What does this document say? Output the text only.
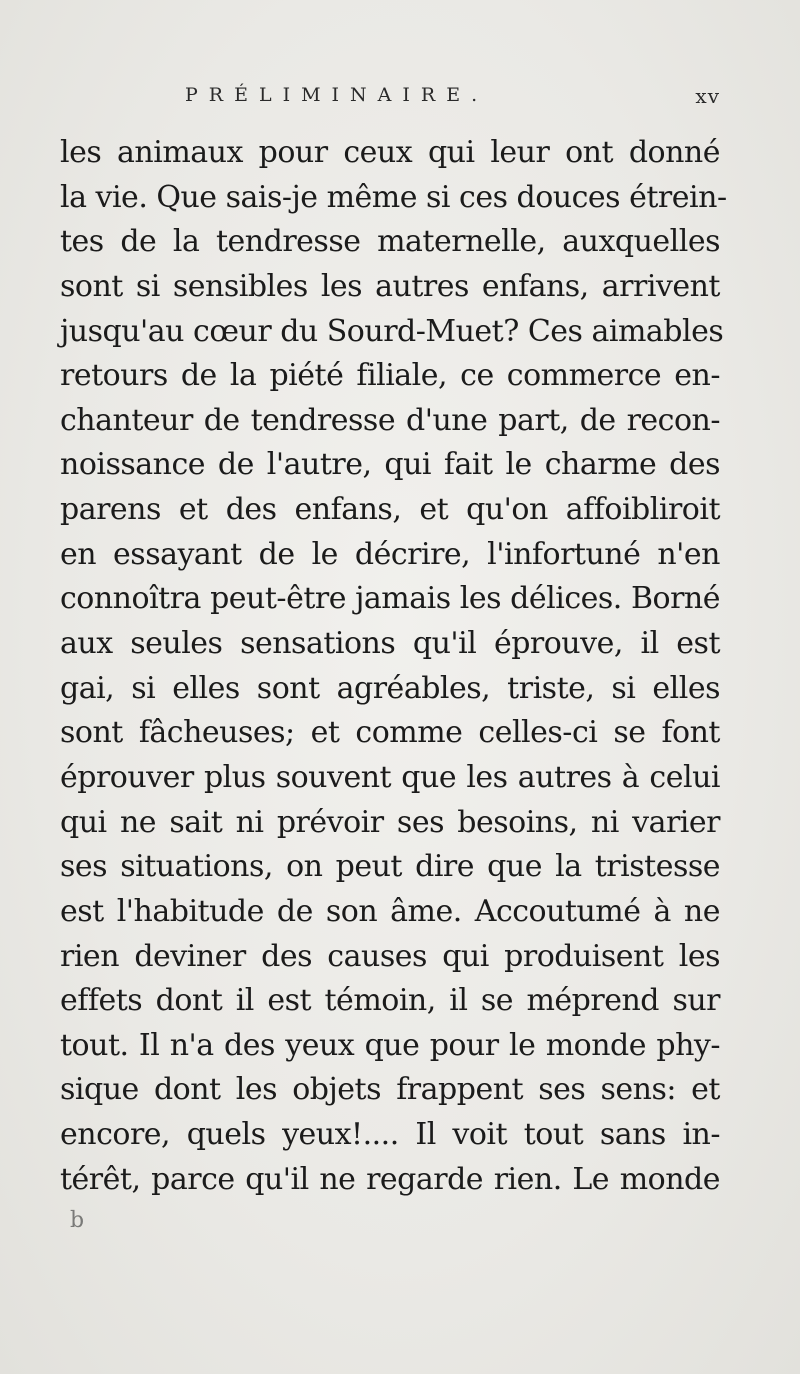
PRÉLIMINAIRE.	xv
les animaux pour ceux qui leur ont donné
la vie. Que sais-je même si ces douces étrein-
tes de la tendresse maternelle, auxquelles
sont si sensibles les autres enfans, arrivent
jusqu'au cœur du Sourd-Muet? Ces aimables
retours de la piété filiale, ce commerce en-
chanteur de tendresse d'une part, de recon-
noissance de l'autre, qui fait le charme des
parens et des enfans, et qu'on affoibliroit
en essayant de le décrire, l'infortuné n'en
connoîtra peut-être jamais les délices. Borné
aux seules sensations qu'il éprouve, il est
gai, si elles sont agréables, triste, si elles
sont fâcheuses; et comme celles-ci se font
éprouver plus souvent que les autres à celui
qui ne sait ni prévoir ses besoins, ni varier
ses situations, on peut dire que la tristesse
est l'habitude de son âme. Accoutumé à ne
rien deviner des causes qui produisent les
effets dont il est témoin, il se méprend sur
tout. Il n'a des yeux que pour le monde phy-
sique dont les objets frappent ses sens: et
encore, quels yeux!.... Il voit tout sans in-
térêt, parce qu'il ne regarde rien. Le monde
b
